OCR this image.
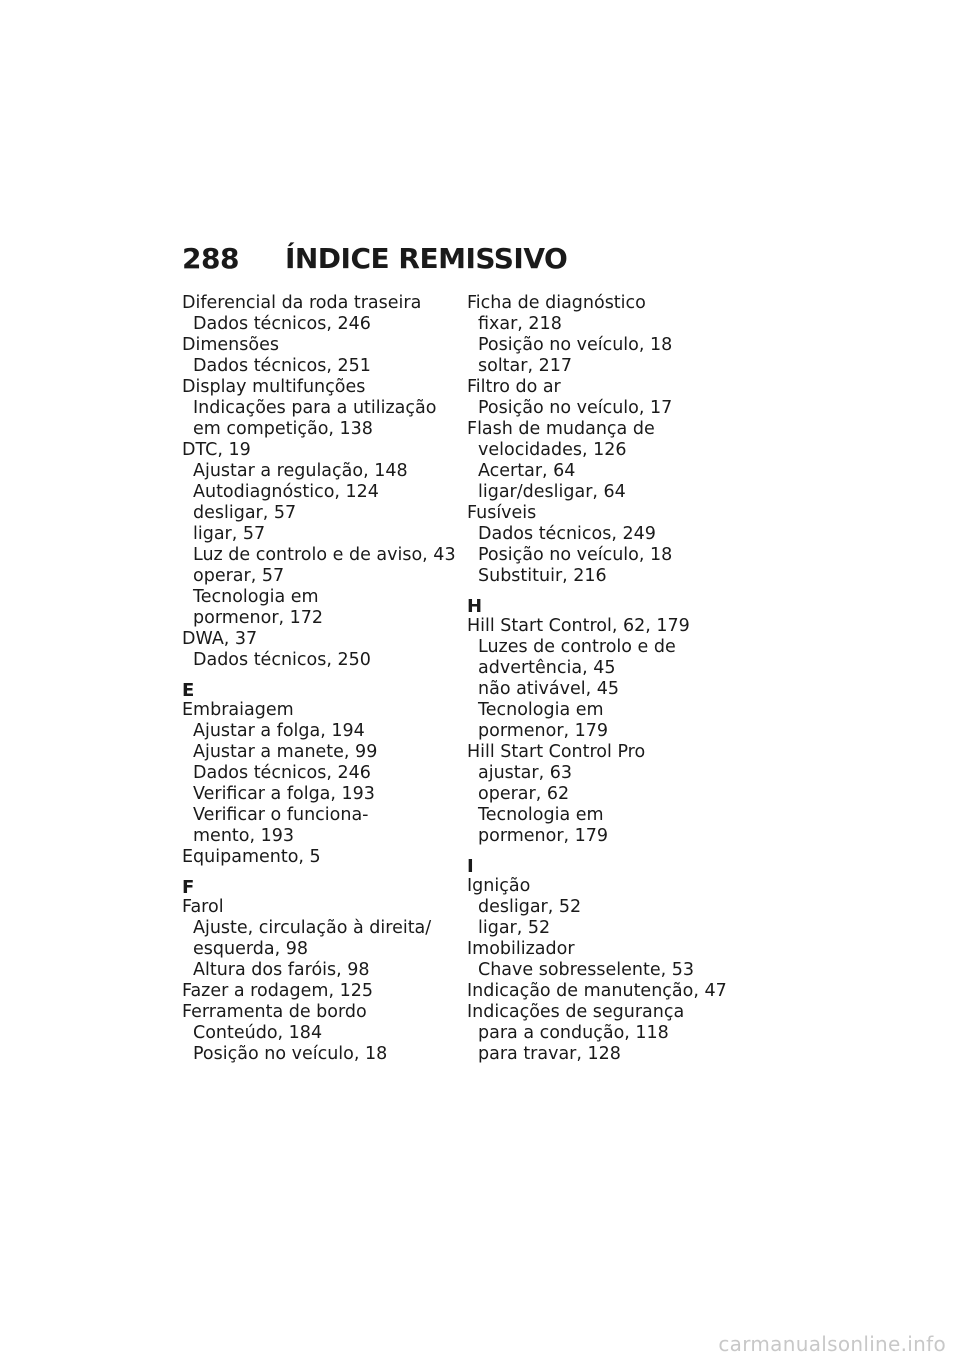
288 ÍNDICE REMISSIVO
Diferencial da roda traseira
Dados técnicos, 246
Dimensões
Dados técnicos, 251
Display multifunções
Indicações para a utilização
em competição, 138
DTC, 19
Ajustar a regulação, 148
Autodiagnóstico, 124
desligar, 57
ligar, 57
Luz de controlo e de aviso, 43
operar, 57
Tecnologia em
pormenor, 172
DWA, 37
Dados técnicos, 250
E
Embraiagem
Ajustar a folga, 194
Ajustar a manete, 99
Dados técnicos, 246
Verificar a folga, 193
Verificar o funciona-
mento, 193
Equipamento, 5
F
Farol
Ajuste, circulação à direita/
esquerda, 98
Altura dos faróis, 98
Fazer a rodagem, 125
Ferramenta de bordo
Conteúdo, 184
Posição no veículo, 18
Ficha de diagnóstico
fixar, 218
Posição no veículo, 18
soltar, 217
Filtro do ar
Posição no veículo, 17
Flash de mudança de
velocidades, 126
Acertar, 64
ligar/desligar, 64
Fusíveis
Dados técnicos, 249
Posição no veículo, 18
Substituir, 216
H
Hill Start Control, 62, 179
Luzes de controlo e de
advertência, 45
não ativável, 45
Tecnologia em
pormenor, 179
Hill Start Control Pro
ajustar, 63
operar, 62
Tecnologia em
pormenor, 179
I
Ignição
desligar, 52
ligar, 52
Imobilizador
Chave sobresselente, 53
Indicação de manutenção, 47
Indicações de segurança
para a condução, 118
para travar, 128
carmanualsonline.info
